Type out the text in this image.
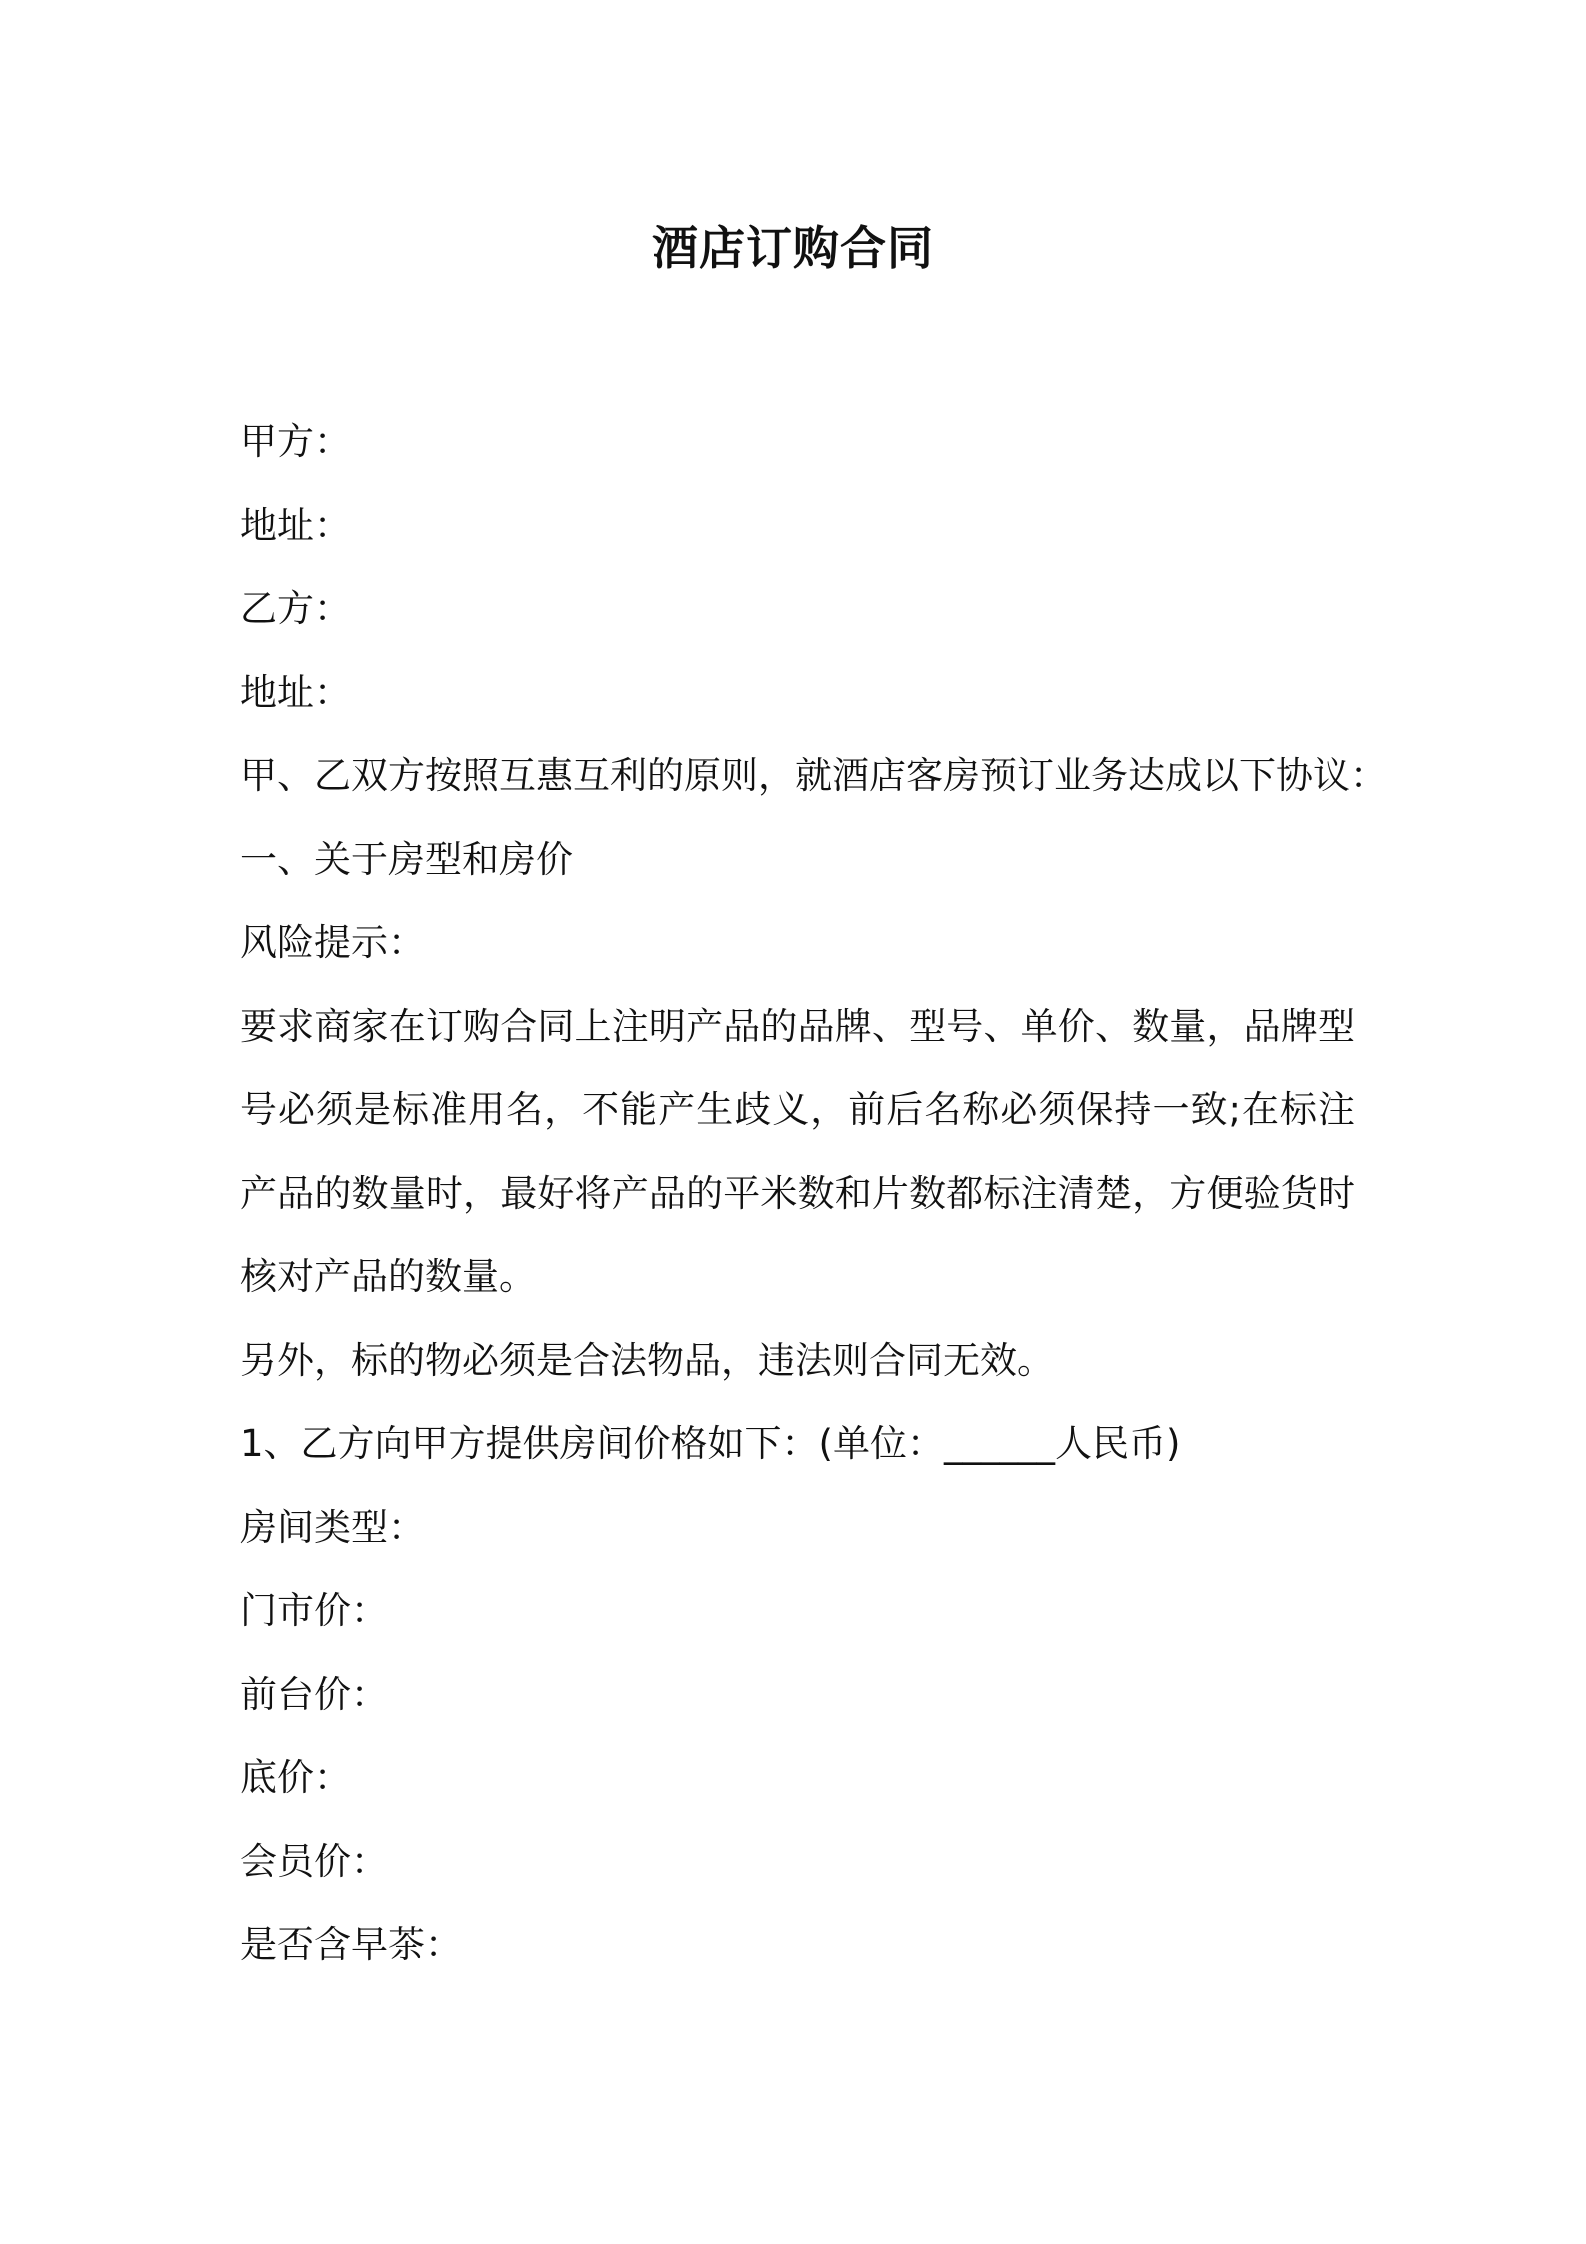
酒店订购合同

甲方：

地址：

乙方：

地址：

甲、乙双方按照互惠互利的原则，就酒店客房预订业务达成以下协议：

一、关于房型和房价

风险提示：

要求商家在订购合同上注明产品的品牌、型号、单价、数量，品牌型号必须是标准用名，不能产生歧义，前后名称必须保持一致;在标注产品的数量时，最好将产品的平米数和片数都标注清楚，方便验货时核对产品的数量。

另外，标的物必须是合法物品，违法则合同无效。

1、乙方向甲方提供房间价格如下：(单位：______人民币)

房间类型：

门市价：

前台价：

底价：

会员价：

是否含早茶：
